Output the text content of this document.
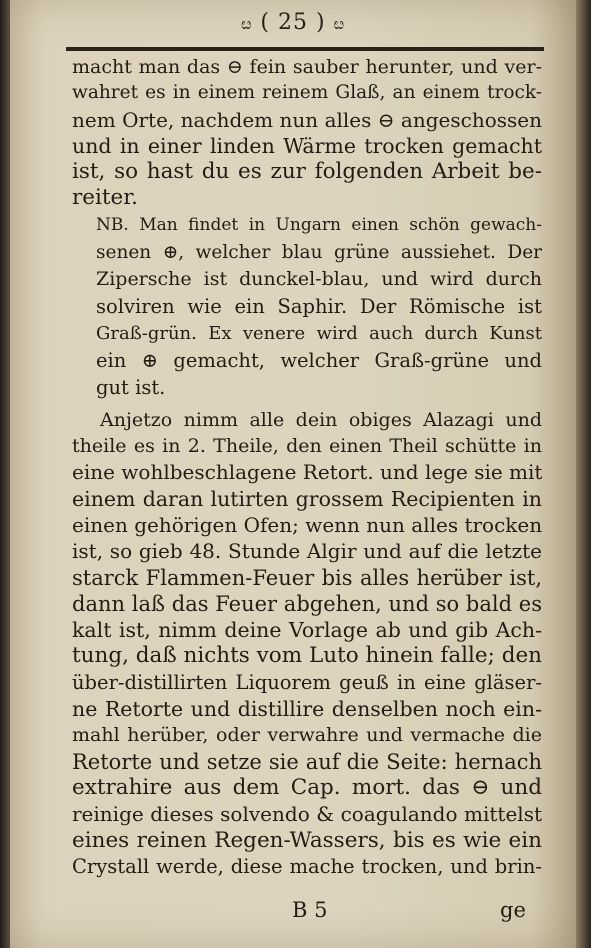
ೞ ( 25 ) ೞ
macht man das ⊖ fein sauber herunter, und ver-
wahret es in einem reinem Glaß, an einem trock-
nem Orte, nachdem nun alles ⊖ angeschossen
und in einer linden Wärme trocken gemacht
ist, so hast du es zur folgenden Arbeit be-
reiter.
NB. Man findet in Ungarn einen schön gewach-
senen ⊕, welcher blau grüne aussiehet. Der
Zipersche ist dunckel-blau, und wird durch
solviren wie ein Saphir. Der Römische ist
Graß-grün. Ex venere wird auch durch Kunst
ein ⊕ gemacht, welcher Graß-grüne und
gut ist.
Anjetzo nimm alle dein obiges Alazagi und
theile es in 2. Theile, den einen Theil schütte in
eine wohlbeschlagene Retort. und lege sie mit
einem daran lutirten grossem Recipienten in
einen gehörigen Ofen; wenn nun alles trocken
ist, so gieb 48. Stunde Algir und auf die letzte
starck Flammen-Feuer bis alles herüber ist,
dann laß das Feuer abgehen, und so bald es
kalt ist, nimm deine Vorlage ab und gib Ach-
tung, daß nichts vom Luto hinein falle; den
über-distillirten Liquorem geuß in eine gläser-
ne Retorte und distillire denselben noch ein-
mahl herüber, oder verwahre und vermache die
Retorte und setze sie auf die Seite: hernach
extrahire aus dem Cap. mort. das ⊖ und
reinige dieses solvendo & coagulando mittelst
eines reinen Regen-Wassers, bis es wie ein
Crystall werde, diese mache trocken, und brin-
B 5	ge
